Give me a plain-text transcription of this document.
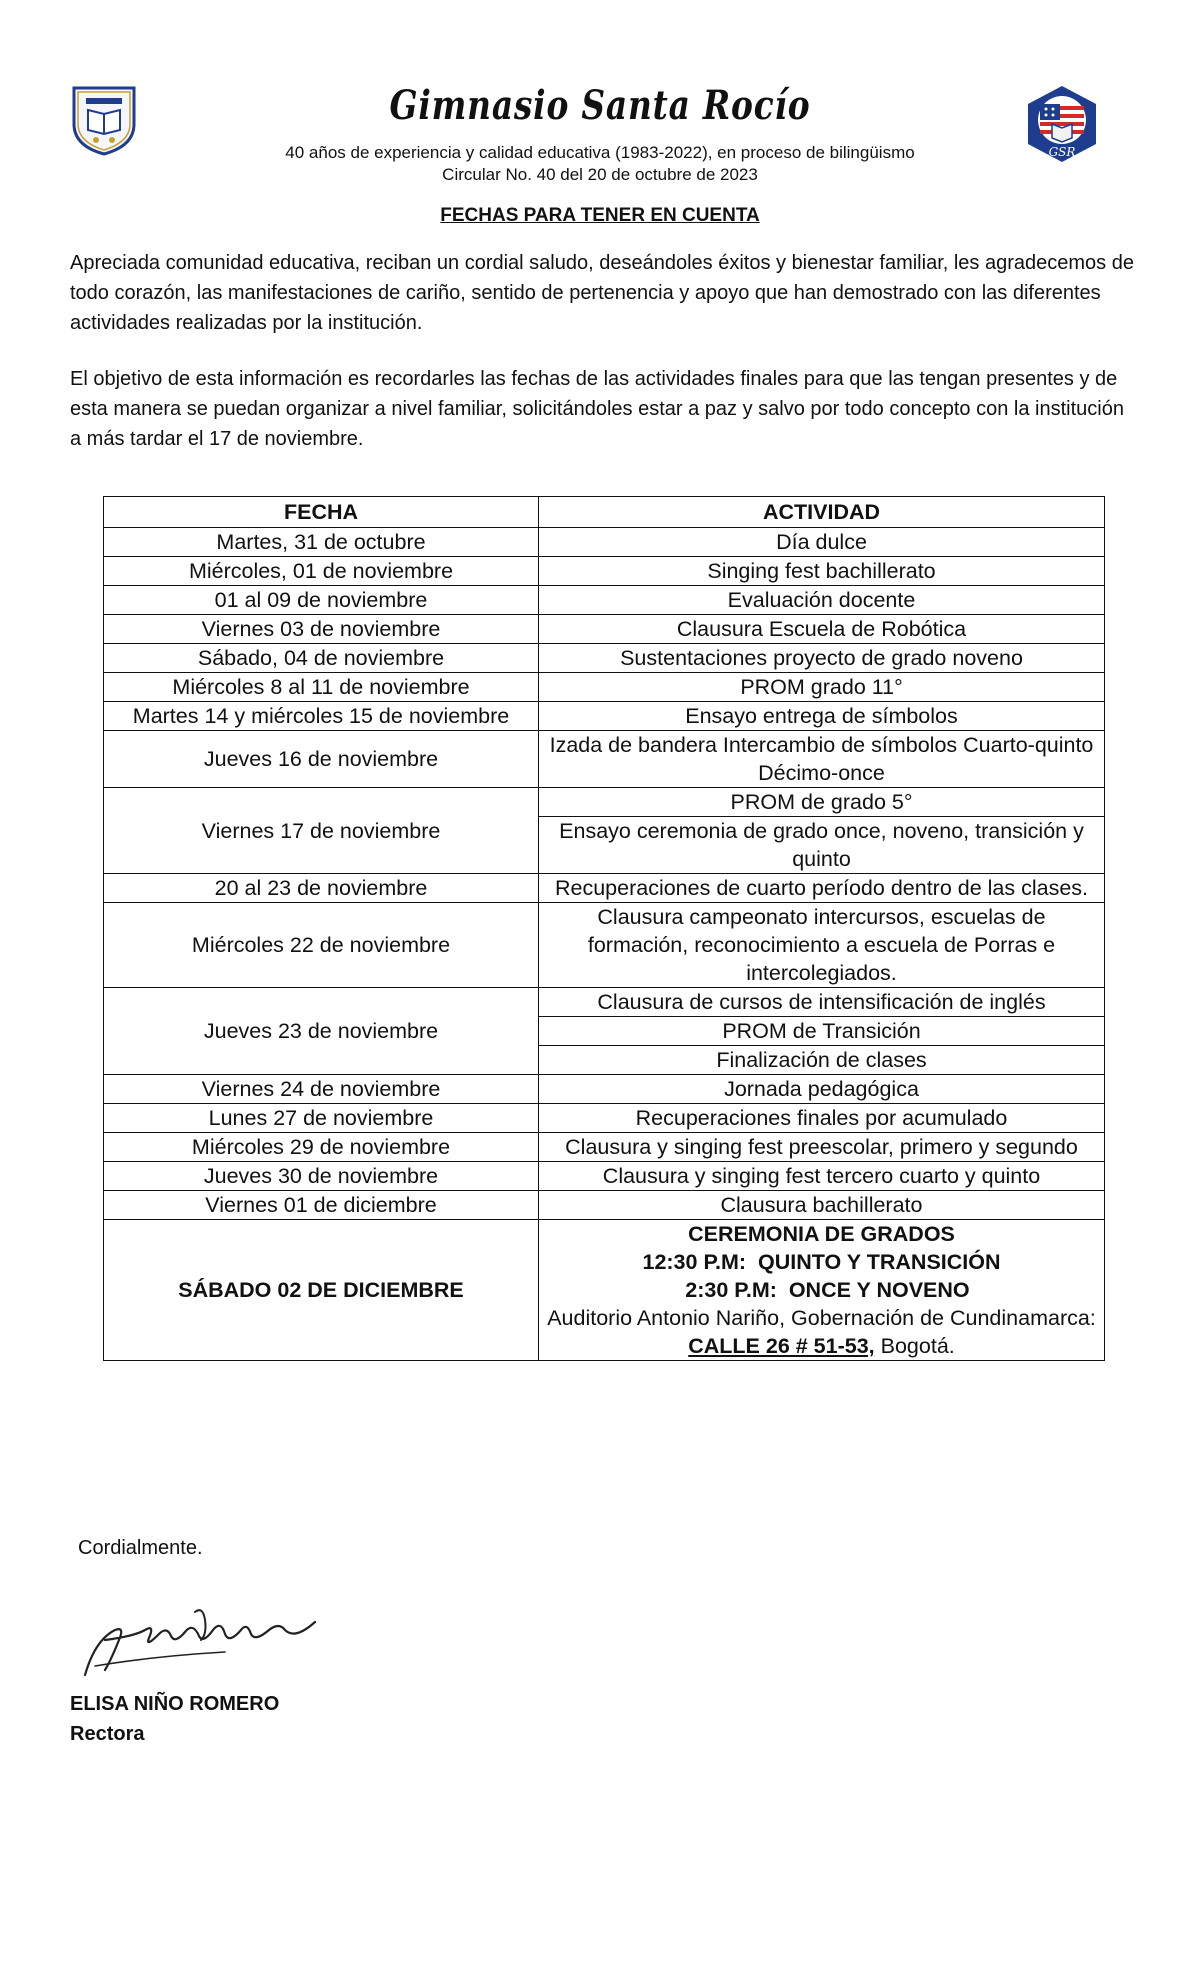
GSR
Gimnasio Santa Rocío
40 años de experiencia y calidad educativa (1983-2022), en proceso de bilingüismo
Circular No. 40 del 20 de octubre de 2023
FECHAS PARA TENER EN CUENTA

Apreciada comunidad educativa, reciban un cordial saludo, deseándoles éxitos y bienestar familiar, les agradecemos de todo corazón, las manifestaciones de cariño, sentido de pertenencia y apoyo que han demostrado con las diferentes actividades realizadas por la institución.

El objetivo de esta información es recordarles las fechas de las actividades finales para que las tengan presentes y de esta manera se puedan organizar a nivel familiar, solicitándoles estar a paz y salvo por todo concepto con la institución a más tardar el 17 de noviembre.

FECHA	ACTIVIDAD
Martes, 31 de octubre	Día dulce
Miércoles, 01 de noviembre	Singing fest bachillerato
01 al 09 de noviembre	Evaluación docente
Viernes 03 de noviembre	Clausura Escuela de Robótica
Sábado, 04 de noviembre	Sustentaciones proyecto de grado noveno
Miércoles 8 al 11 de noviembre	PROM grado 11°
Martes 14 y miércoles 15 de noviembre	Ensayo entrega de símbolos
Jueves 16 de noviembre	Izada de bandera Intercambio de símbolos Cuarto-quinto Décimo-once
Viernes 17 de noviembre	PROM de grado 5°
	Ensayo ceremonia de grado once, noveno, transición y quinto
20 al 23 de noviembre	Recuperaciones de cuarto período dentro de las clases.
Miércoles 22 de noviembre	Clausura campeonato intercursos, escuelas de formación, reconocimiento a escuela de Porras e intercolegiados.
Jueves 23 de noviembre	Clausura de cursos de intensificación de inglés
	PROM de Transición
	Finalización de clases
Viernes 24 de noviembre	Jornada pedagógica
Lunes 27 de noviembre	Recuperaciones finales por acumulado
Miércoles 29 de noviembre	Clausura y singing fest preescolar, primero y segundo
Jueves 30 de noviembre	Clausura y singing fest tercero cuarto y quinto
Viernes 01 de diciembre	Clausura bachillerato
SÁBADO 02 DE DICIEMBRE	CEREMONIA DE GRADOS
12:30 P.M:  QUINTO Y TRANSICIÓN
2:30 P.M:  ONCE Y NOVENO
Auditorio Antonio Nariño, Gobernación de Cundinamarca: CALLE 26 # 51-53, Bogotá.
Cordialmente.
ELISA NIÑO ROMERO
Rectora
